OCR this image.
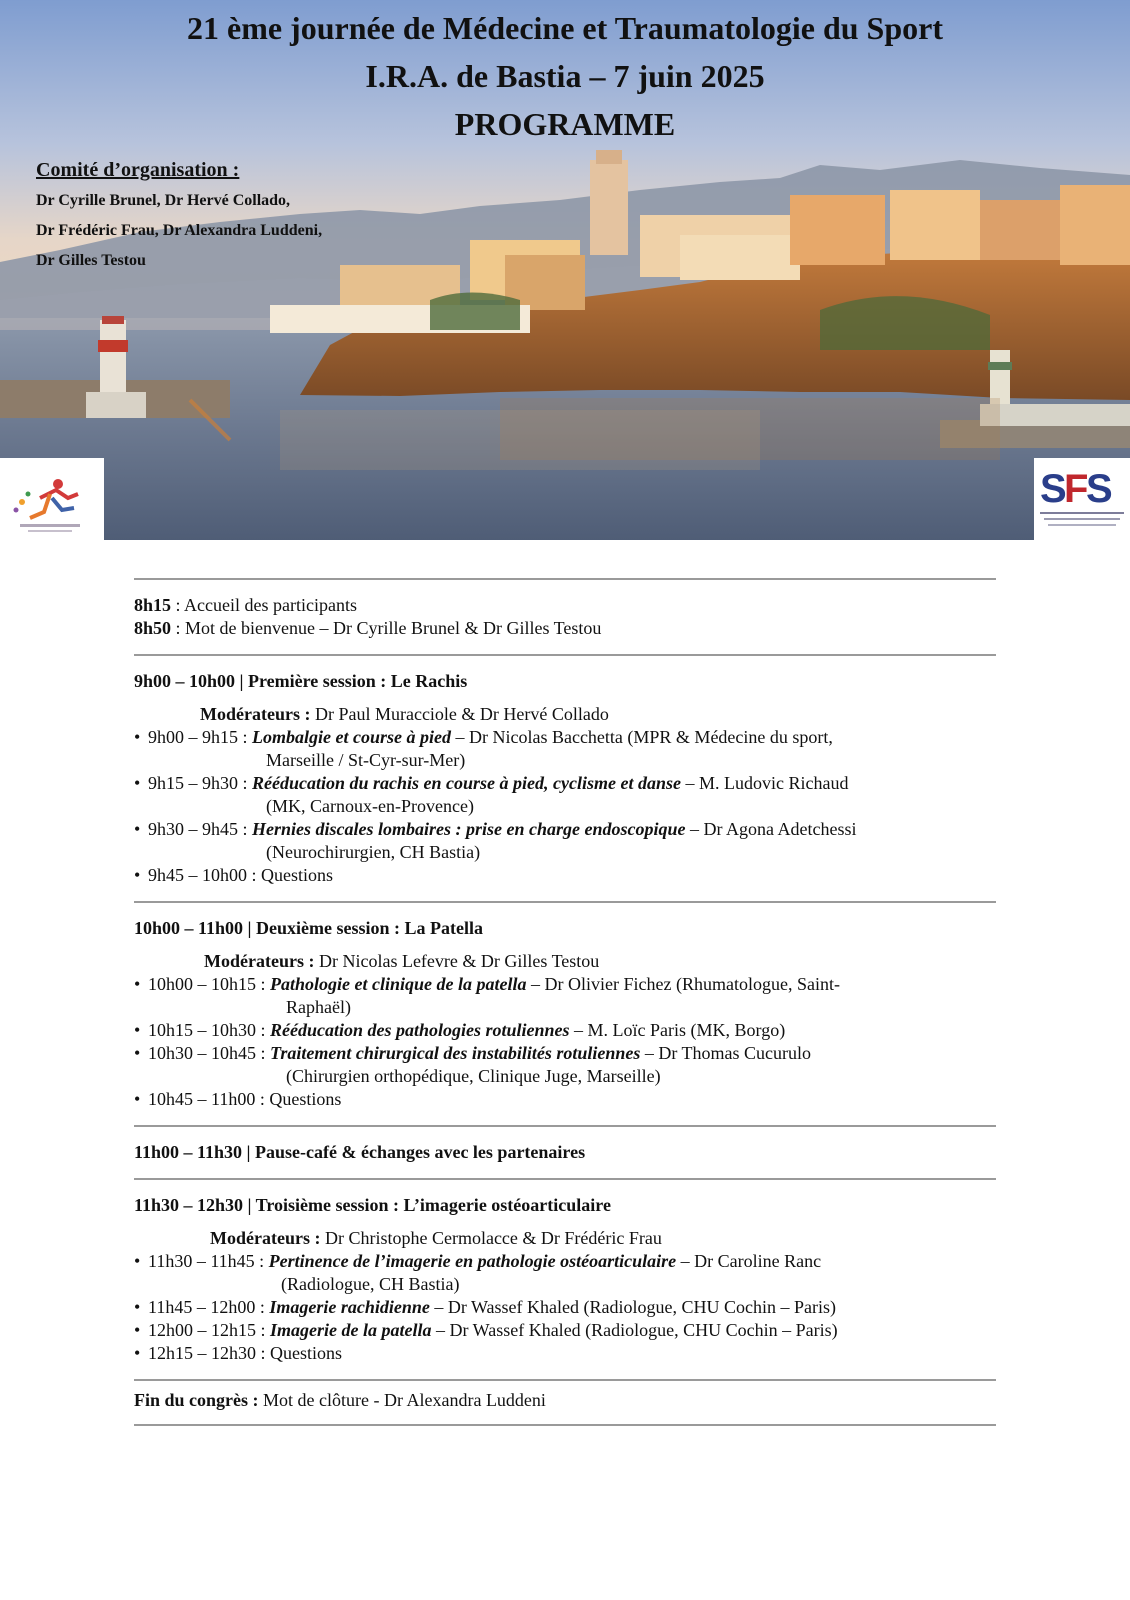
21 ème journée de Médecine et Traumatologie du Sport
I.R.A. de Bastia – 7 juin 2025
PROGRAMME
Comité d’organisation :
Dr Cyrille Brunel, Dr Hervé Collado,
Dr Frédéric Frau, Dr Alexandra Luddeni,
Dr Gilles Testou
S
F
S
8h15 : Accueil des participants
8h50 : Mot de bienvenue – Dr Cyrille Brunel & Dr Gilles Testou
9h00 – 10h00 | Première session : Le Rachis
Modérateurs : Dr Paul Muracciole & Dr Hervé Collado
• 9h00 – 9h15 : Lombalgie et course à pied – Dr Nicolas Bacchetta (MPR & Médecine du sport,
Marseille / St-Cyr-sur-Mer)
• 9h15 – 9h30 : Rééducation du rachis en course à pied, cyclisme et danse – M. Ludovic Richaud
(MK, Carnoux-en-Provence)
• 9h30 – 9h45 : Hernies discales lombaires : prise en charge endoscopique – Dr Agona Adetchessi
(Neurochirurgien, CH Bastia)
• 9h45 – 10h00 : Questions
10h00 – 11h00 | Deuxième session : La Patella
Modérateurs : Dr Nicolas Lefevre & Dr Gilles Testou
• 10h00 – 10h15 : Pathologie et clinique de la patella – Dr Olivier Fichez (Rhumatologue, Saint-
Raphaël)
• 10h15 – 10h30 : Rééducation des pathologies rotuliennes – M. Loïc Paris (MK, Borgo)
• 10h30 – 10h45 : Traitement chirurgical des instabilités rotuliennes – Dr Thomas Cucurulo
(Chirurgien orthopédique, Clinique Juge, Marseille)
• 10h45 – 11h00 : Questions
11h00 – 11h30 | Pause-café & échanges avec les partenaires
11h30 – 12h30 | Troisième session : L’imagerie ostéoarticulaire
Modérateurs : Dr Christophe Cermolacce & Dr Frédéric Frau
• 11h30 – 11h45 : Pertinence de l’imagerie en pathologie ostéoarticulaire – Dr Caroline Ranc
(Radiologue, CH Bastia)
• 11h45 – 12h00 : Imagerie rachidienne – Dr Wassef Khaled (Radiologue, CHU Cochin – Paris)
• 12h00 – 12h15 : Imagerie de la patella – Dr Wassef Khaled (Radiologue, CHU Cochin – Paris)
• 12h15 – 12h30 : Questions
Fin du congrès : Mot de clôture - Dr Alexandra Luddeni
